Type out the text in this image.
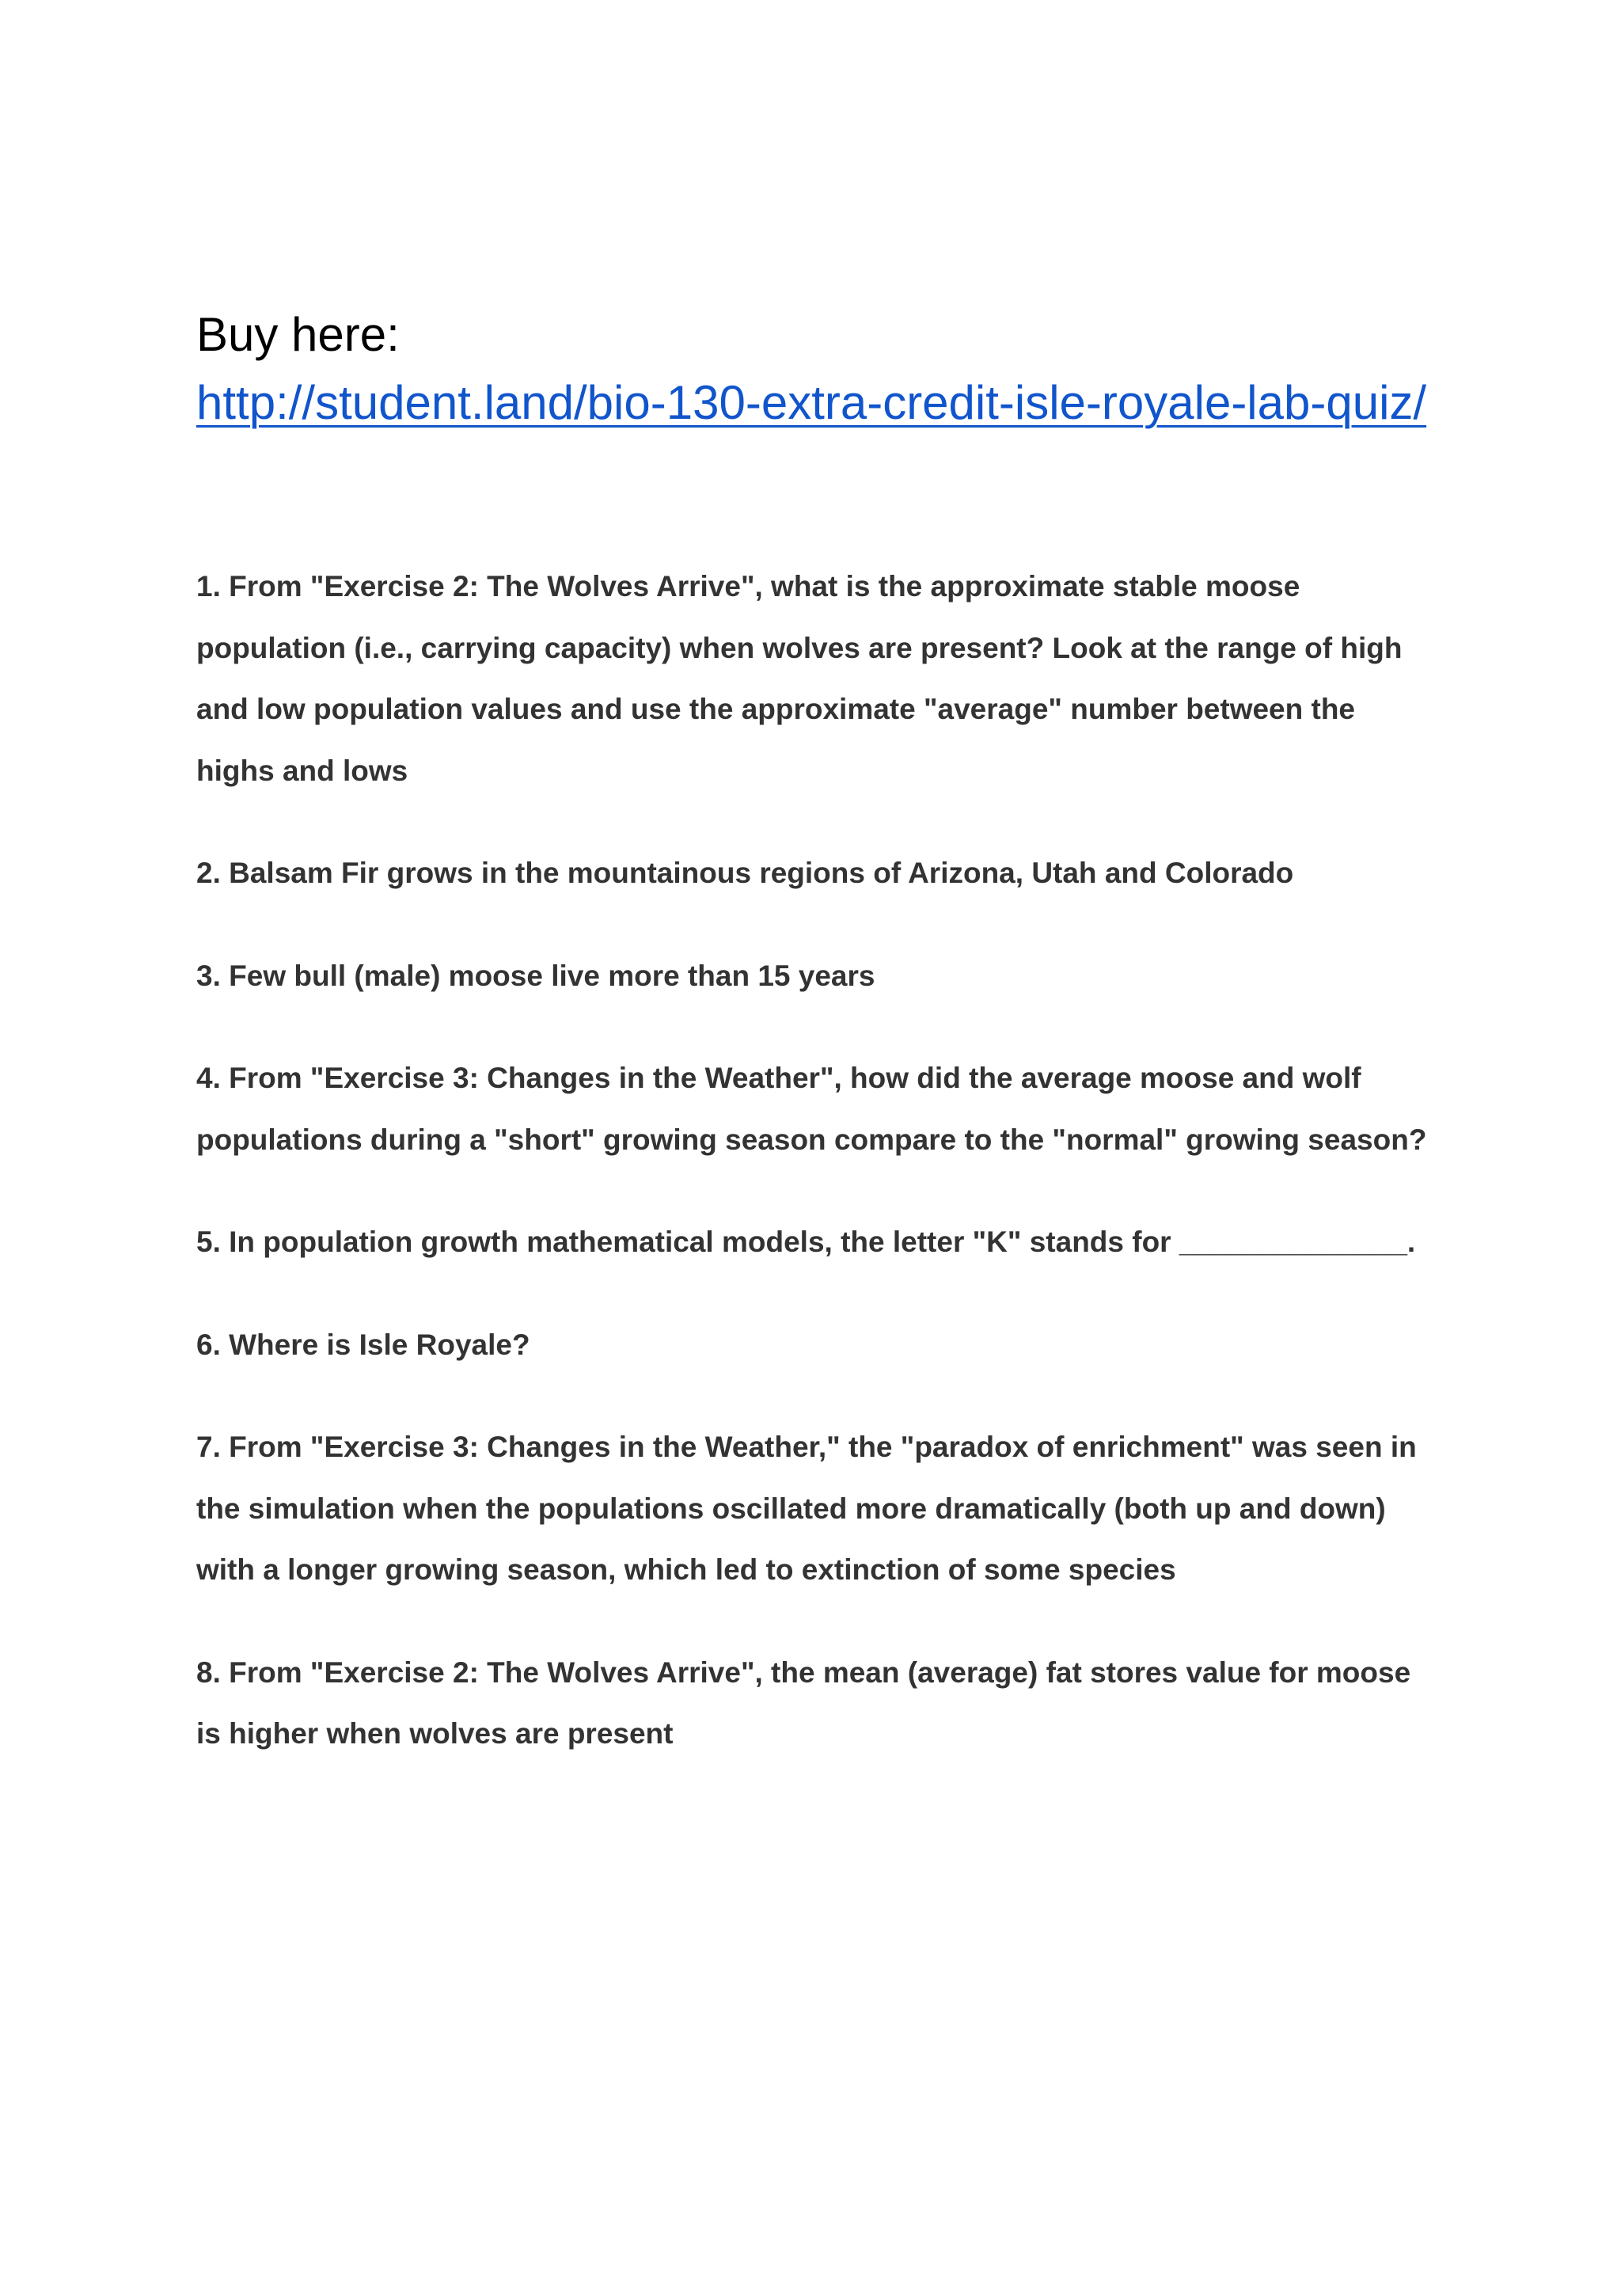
Buy here:

http://student.land/bio-130-extra-credit-isle-royale-lab-quiz/
1. From "Exercise 2: The Wolves Arrive", what is the approximate stable moose population (i.e., carrying capacity) when wolves are present? Look at the range of high and low population values and use the approximate "average" number between the highs and lows
2. Balsam Fir grows in the mountainous regions of Arizona, Utah and Colorado
3. Few bull (male) moose live more than 15 years
4. From "Exercise 3: Changes in the Weather", how did the average moose and wolf populations during a "short" growing season compare to the "normal" growing season?
5. In population growth mathematical models, the letter "K" stands for ______________.
6. Where is Isle Royale?
7. From "Exercise 3: Changes in the Weather," the "paradox of enrichment" was seen in the simulation when the populations oscillated more dramatically (both up and down) with a longer growing season, which led to extinction of some species
8. From "Exercise 2: The Wolves Arrive", the mean (average) fat stores value for moose is higher when wolves are present
